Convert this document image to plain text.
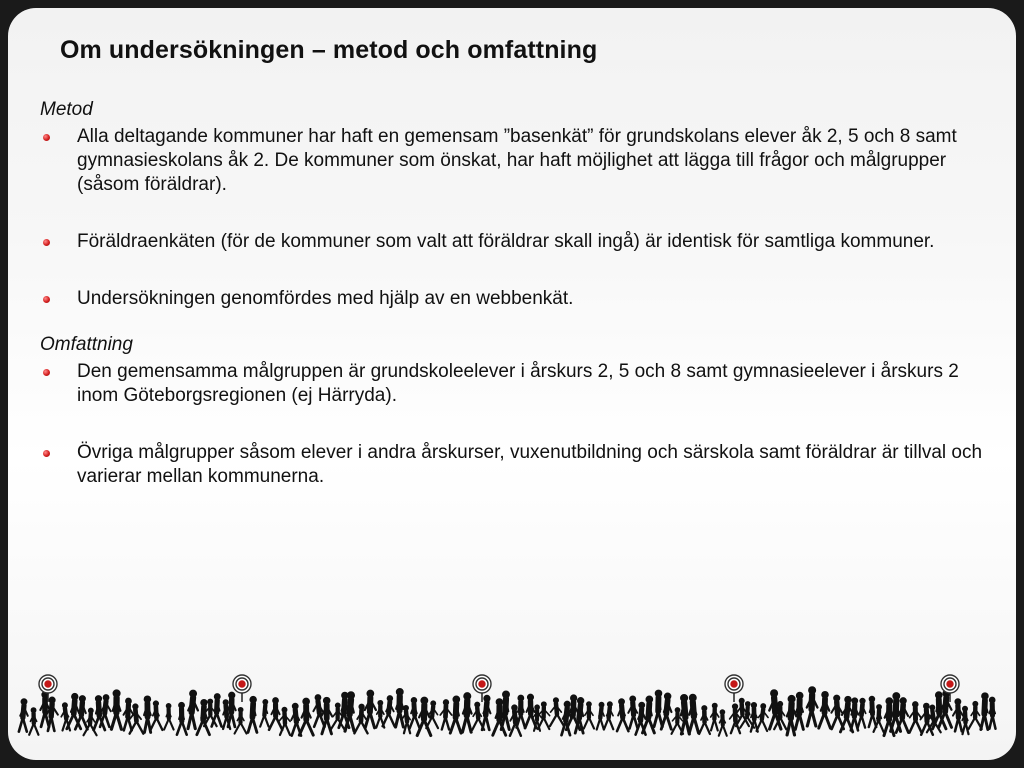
Om undersökningen – metod och omfattning
Metod
Alla deltagande kommuner har haft en gemensam ”basenkät” för grundskolans elever åk 2, 5 och 8 samt gymnasieskolans åk 2. De kommuner som önskat, har haft möjlighet att lägga till frågor och målgrupper (såsom föräldrar).
Föräldraenkäten (för de kommuner som valt att föräldrar skall ingå) är identisk för samtliga kommuner.
Undersökningen genomfördes med hjälp av en webbenkät.
Omfattning
Den gemensamma målgruppen är grundskoleelever i årskurs 2, 5 och 8 samt gymnasieelever i årskurs 2 inom Göteborgsregionen (ej Härryda).
Övriga målgrupper såsom elever i andra årskurser, vuxenutbildning och särskola samt föräldrar är tillval och varierar mellan kommunerna.
